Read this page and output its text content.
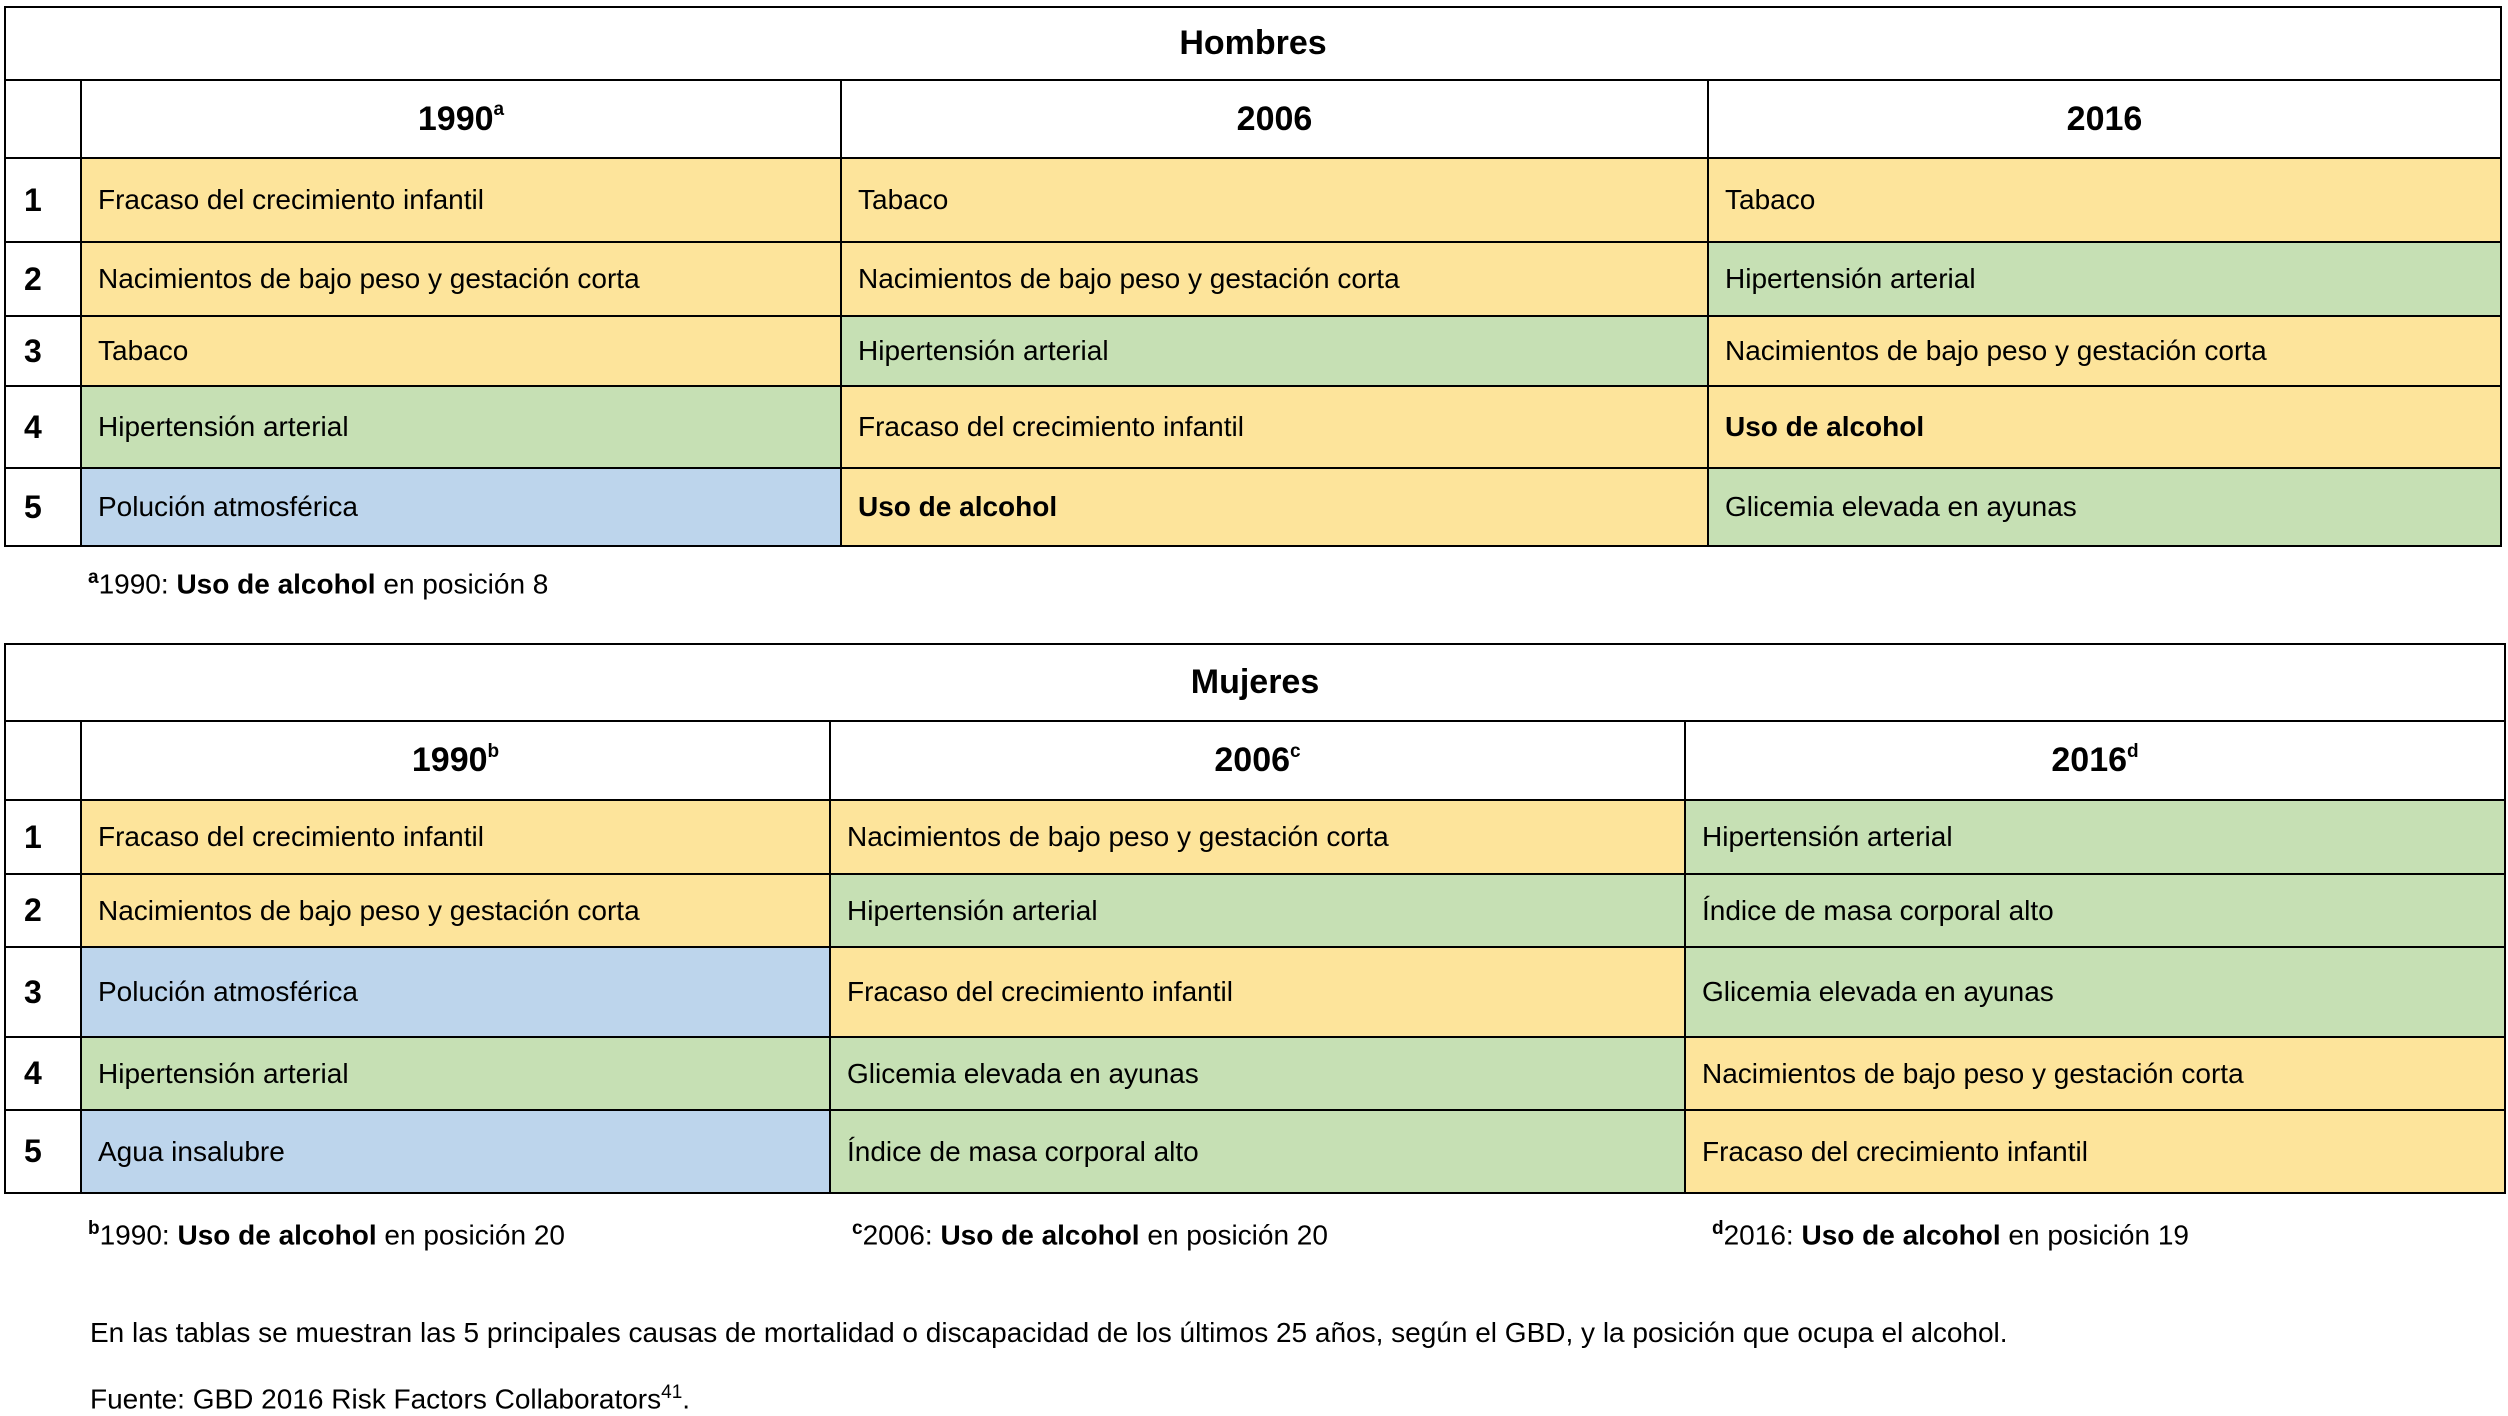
Hombres			
	1990$^a$	2006	2016
1	Fracaso del crecimiento infantil	Tabaco	Tabaco
2	Nacimientos de bajo peso y gestación corta	Nacimientos de bajo peso y gestación corta	Hipertensión arterial
3	Tabaco	Hipertensión arterial	Nacimientos de bajo peso y gestación corta
4	Hipertensión arterial	Fracaso del crecimiento infantil	Uso de alcohol
5	Polución atmosférica	Uso de alcohol	Glicemia elevada en ayunas
$^a$1990: Uso de alcohol en posición 8
Mujeres			
	1990$^b$	2006$^c$	2016$^d$
1	Fracaso del crecimiento infantil	Nacimientos de bajo peso y gestación corta	Hipertensión arterial
2	Nacimientos de bajo peso y gestación corta	Hipertensión arterial	Índice de masa corporal alto
3	Polución atmosférica	Fracaso del crecimiento infantil	Glicemia elevada en ayunas
4	Hipertensión arterial	Glicemia elevada en ayunas	Nacimientos de bajo peso y gestación corta
5	Agua insalubre	Índice de masa corporal alto	Fracaso del crecimiento infantil
$^b$1990: Uso de alcohol en posición 20	$^c$2006: Uso de alcohol en posición 20	$^d$2016: Uso de alcohol en posición 19
En las tablas se muestran las 5 principales causas de mortalidad o discapacidad de los últimos 25 años, según el GBD, y la posición que ocupa el alcohol.
Fuente: GBD 2016 Risk Factors Collaborators$^{41}$.
